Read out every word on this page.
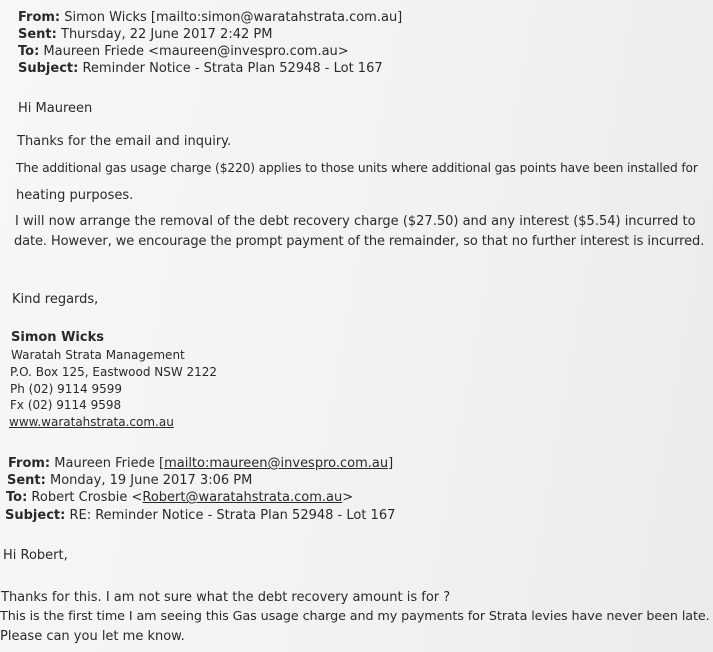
From: Simon Wicks [mailto:simon@waratahstrata.com.au]
Sent: Thursday, 22 June 2017 2:42 PM
To: Maureen Friede <maureen@invespro.com.au>
Subject: Reminder Notice - Strata Plan 52948 - Lot 167
Hi Maureen
Thanks for the email and inquiry.
The additional gas usage charge ($220) applies to those units where additional gas points have been installed for
heating purposes.
I will now arrange the removal of the debt recovery charge ($27.50) and any interest ($5.54) incurred to
date. However, we encourage the prompt payment of the remainder, so that no further interest is incurred.
Kind regards,
Simon Wicks
Waratah Strata Management
P.O. Box 125, Eastwood NSW 2122
Ph (02) 9114 9599
Fx (02) 9114 9598
www.waratahstrata.com.au
From: Maureen Friede [mailto:maureen@invespro.com.au]
Sent: Monday, 19 June 2017 3:06 PM
To: Robert Crosbie <Robert@waratahstrata.com.au>
Subject: RE: Reminder Notice - Strata Plan 52948 - Lot 167
Hi Robert,
Thanks for this. I am not sure what the debt recovery amount is for ?
This is the first time I am seeing this Gas usage charge and my payments for Strata levies have never been late.
Please can you let me know.
